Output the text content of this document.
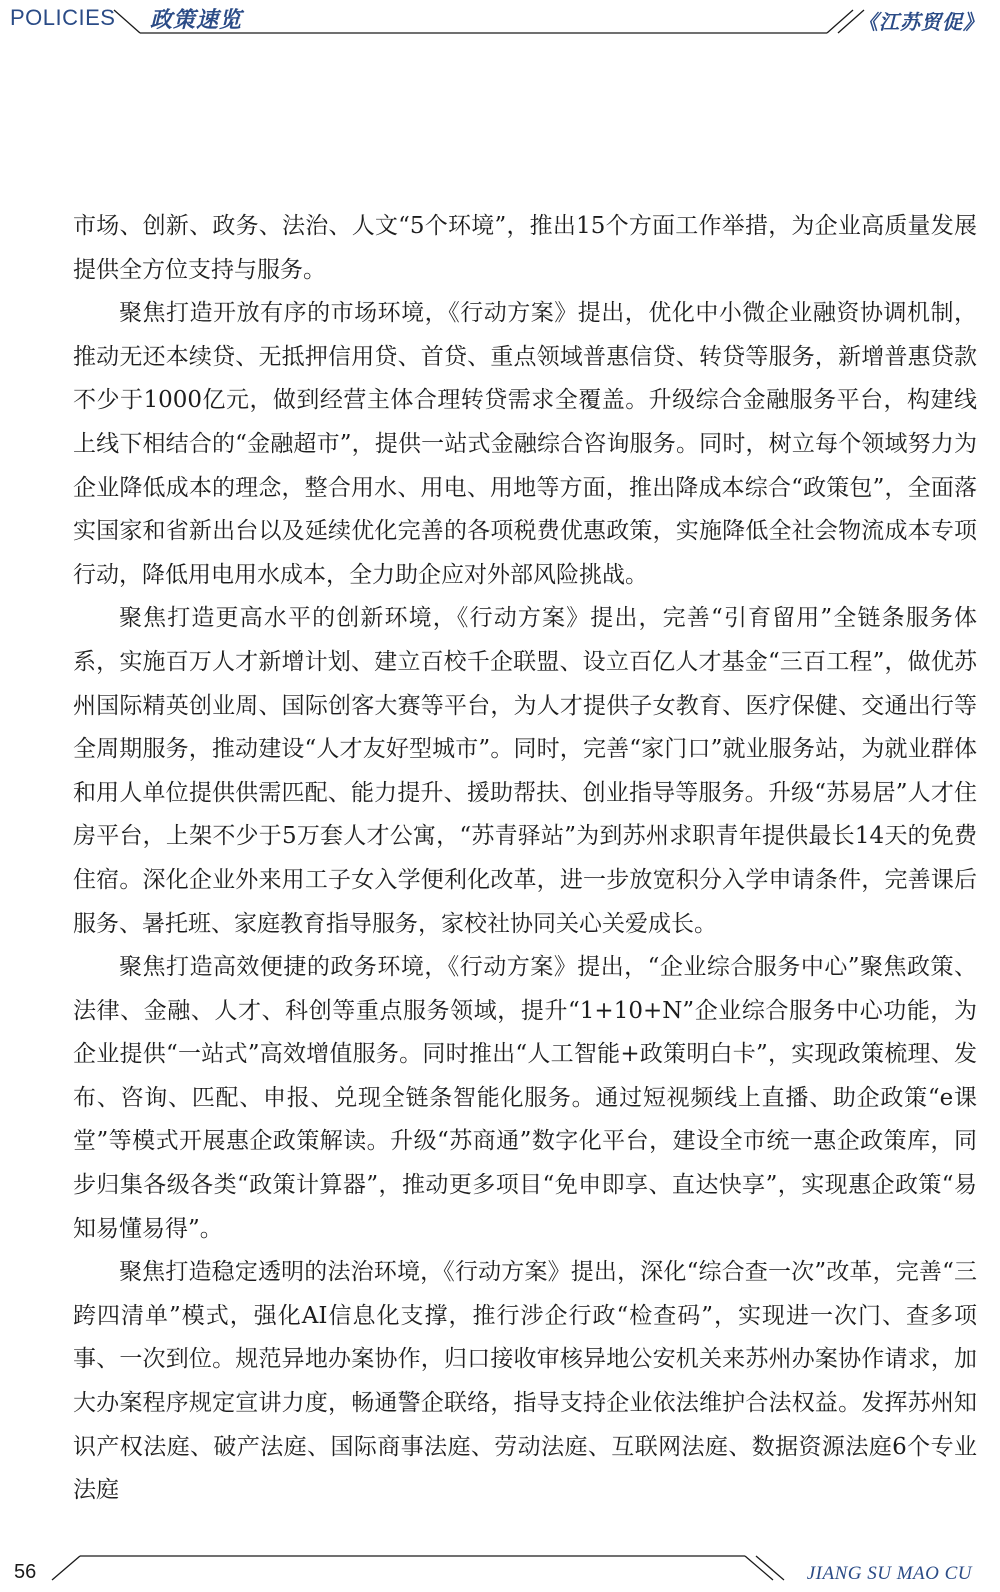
POLICIES 政策速览	《江苏贸促》

市场、创新、政务、法治、人文“5个环境”，推出15个方面工作举措，为企业高质量发展提供全方位支持与服务。

聚焦打造开放有序的市场环境，《行动方案》提出，优化中小微企业融资协调机制，推动无还本续贷、无抵押信用贷、首贷、重点领域普惠信贷、转贷等服务，新增普惠贷款不少于1000亿元，做到经营主体合理转贷需求全覆盖。升级综合金融服务平台，构建线上线下相结合的“金融超市”，提供一站式金融综合咨询服务。同时，树立每个领域努力为企业降低成本的理念，整合用水、用电、用地等方面，推出降成本综合“政策包”，全面落实国家和省新出台以及延续优化完善的各项税费优惠政策，实施降低全社会物流成本专项行动，降低用电用水成本，全力助企应对外部风险挑战。

聚焦打造更高水平的创新环境，《行动方案》提出，完善“引育留用”全链条服务体系，实施百万人才新增计划、建立百校千企联盟、设立百亿人才基金“三百工程”，做优苏州国际精英创业周、国际创客大赛等平台，为人才提供子女教育、医疗保健、交通出行等全周期服务，推动建设“人才友好型城市”。同时，完善“家门口”就业服务站，为就业群体和用人单位提供供需匹配、能力提升、援助帮扶、创业指导等服务。升级“苏易居”人才住房平台，上架不少于5万套人才公寓，“苏青驿站”为到苏州求职青年提供最长14天的免费住宿。深化企业外来用工子女入学便利化改革，进一步放宽积分入学申请条件，完善课后服务、暑托班、家庭教育指导服务，家校社协同关心关爱成长。

聚焦打造高效便捷的政务环境，《行动方案》提出，“企业综合服务中心”聚焦政策、法律、金融、人才、科创等重点服务领域，提升“1+10+N”企业综合服务中心功能，为企业提供“一站式”高效增值服务。同时推出“人工智能+政策明白卡”，实现政策梳理、发布、咨询、匹配、申报、兑现全链条智能化服务。通过短视频线上直播、助企政策“e课堂”等模式开展惠企政策解读。升级“苏商通”数字化平台，建设全市统一惠企政策库，同步归集各级各类“政策计算器”，推动更多项目“免申即享、直达快享”，实现惠企政策“易知易懂易得”。

聚焦打造稳定透明的法治环境，《行动方案》提出，深化“综合查一次”改革，完善“三跨四清单”模式，强化AI信息化支撑，推行涉企行政“检查码”，实现进一次门、查多项事、一次到位。规范异地办案协作，归口接收审核异地公安机关来苏州办案协作请求，加大办案程序规定宣讲力度，畅通警企联络，指导支持企业依法维护合法权益。发挥苏州知识产权法庭、破产法庭、国际商事法庭、劳动法庭、互联网法庭、数据资源法庭6个专业法庭

56	JIANG SU MAO CU
